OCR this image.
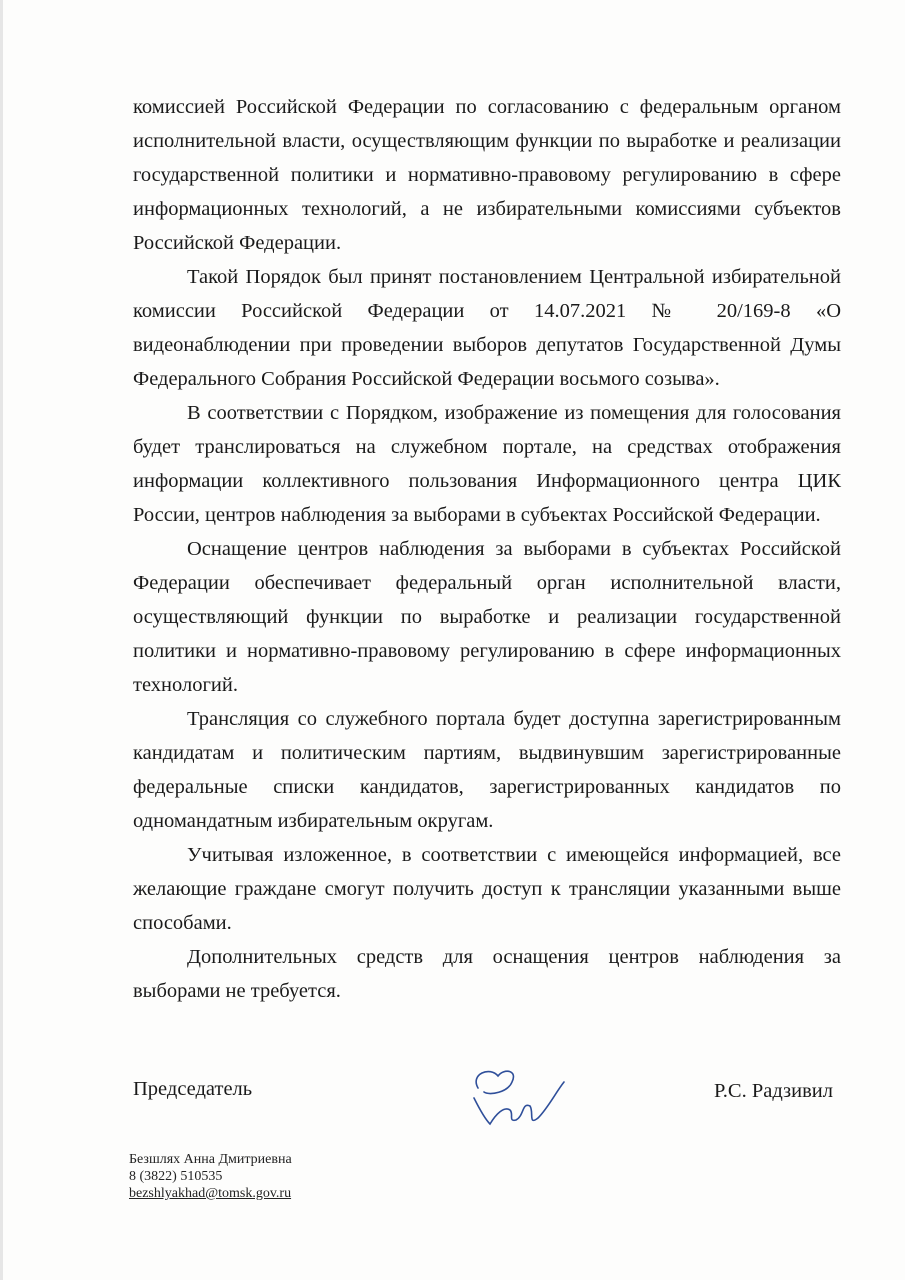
комиссией Российской Федерации по согласованию с федеральным органом исполнительной власти, осуществляющим функции по выработке и реализации государственной политики и нормативно-правовому регулированию в сфере информационных технологий, а не избирательными комиссиями субъектов Российской Федерации.

Такой Порядок был принят постановлением Центральной избирательной комиссии Российской Федерации от 14.07.2021 № 20/169-8 «О видеонаблюдении при проведении выборов депутатов Государственной Думы Федерального Собрания Российской Федерации восьмого созыва».

В соответствии с Порядком, изображение из помещения для голосования будет транслироваться на служебном портале, на средствах отображения информации коллективного пользования Информационного центра ЦИК России, центров наблюдения за выборами в субъектах Российской Федерации.

Оснащение центров наблюдения за выборами в субъектах Российской Федерации обеспечивает федеральный орган исполнительной власти, осуществляющий функции по выработке и реализации государственной политики и нормативно-правовому регулированию в сфере информационных технологий.

Трансляция со служебного портала будет доступна зарегистрированным кандидатам и политическим партиям, выдвинувшим зарегистрированные федеральные списки кандидатов, зарегистрированных кандидатов по одномандатным избирательным округам.

Учитывая изложенное, в соответствии с имеющейся информацией, все желающие граждане смогут получить доступ к трансляции указанными выше способами.

Дополнительных средств для оснащения центров наблюдения за выборами не требуется.

Председатель	Р.С. Радзивил
Безшлях Анна Дмитриевна
8 (3822) 510535
bezshlyakhad@tomsk.gov.ru
